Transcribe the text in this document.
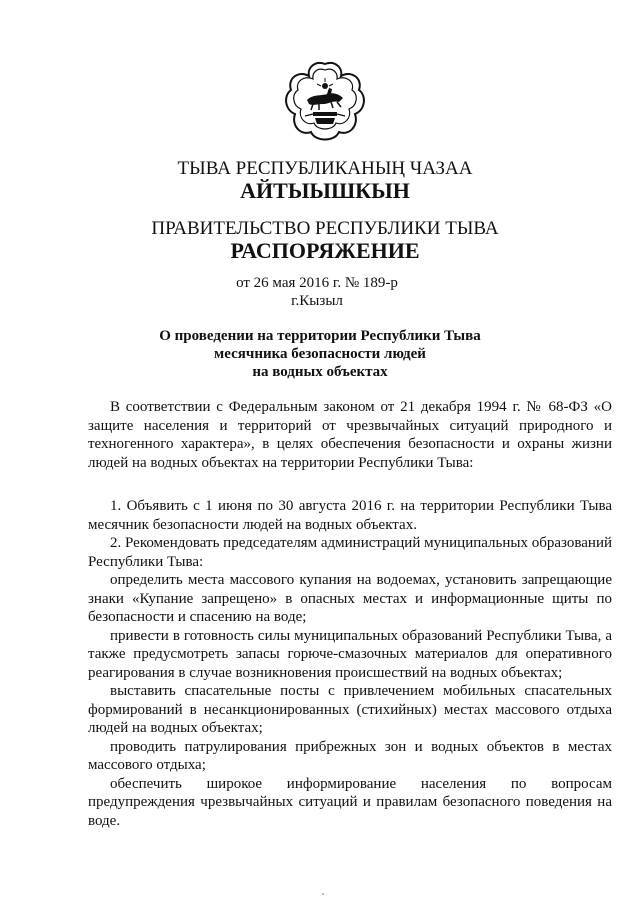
ТЫВА РЕСПУБЛИКАНЫҢ ЧАЗАА
АЙТЫЫШКЫН
ПРАВИТЕЛЬСТВО РЕСПУБЛИКИ ТЫВА
РАСПОРЯЖЕНИЕ
от 26 мая 2016 г. № 189-р
г.Кызыл
О проведении на территории Республики Тыва
месячника безопасности людей
на водных объектах

В соответствии с Федеральным законом от 21 декабря 1994 г. № 68-ФЗ «О защите населения и территорий от чрезвычайных ситуаций природного и техногенного характера», в целях обеспечения безопасности и охраны жизни людей на водных объектах на территории Республики Тыва:

1. Объявить с 1 июня по 30 августа 2016 г. на территории Республики Тыва месячник безопасности людей на водных объектах.

2. Рекомендовать председателям администраций муниципальных образований Республики Тыва:

определить места массового купания на водоемах, установить запрещающие знаки «Купание запрещено» в опасных местах и информационные щиты по безопасности и спасению на воде;

привести в готовность силы муниципальных образований Республики Тыва, а также предусмотреть запасы горюче-смазочных материалов для оперативного реагирования в случае возникновения происшествий на водных объектах;

выставить спасательные посты с привлечением мобильных спасательных формирований в несанкционированных (стихийных) местах массового отдыха людей на водных объектах;

проводить патрулирования прибрежных зон и водных объектов в местах массового отдыха;

обеспечить широкое информирование населения по вопросам предупреждения чрезвычайных ситуаций и правилам безопасного поведения на воде.
